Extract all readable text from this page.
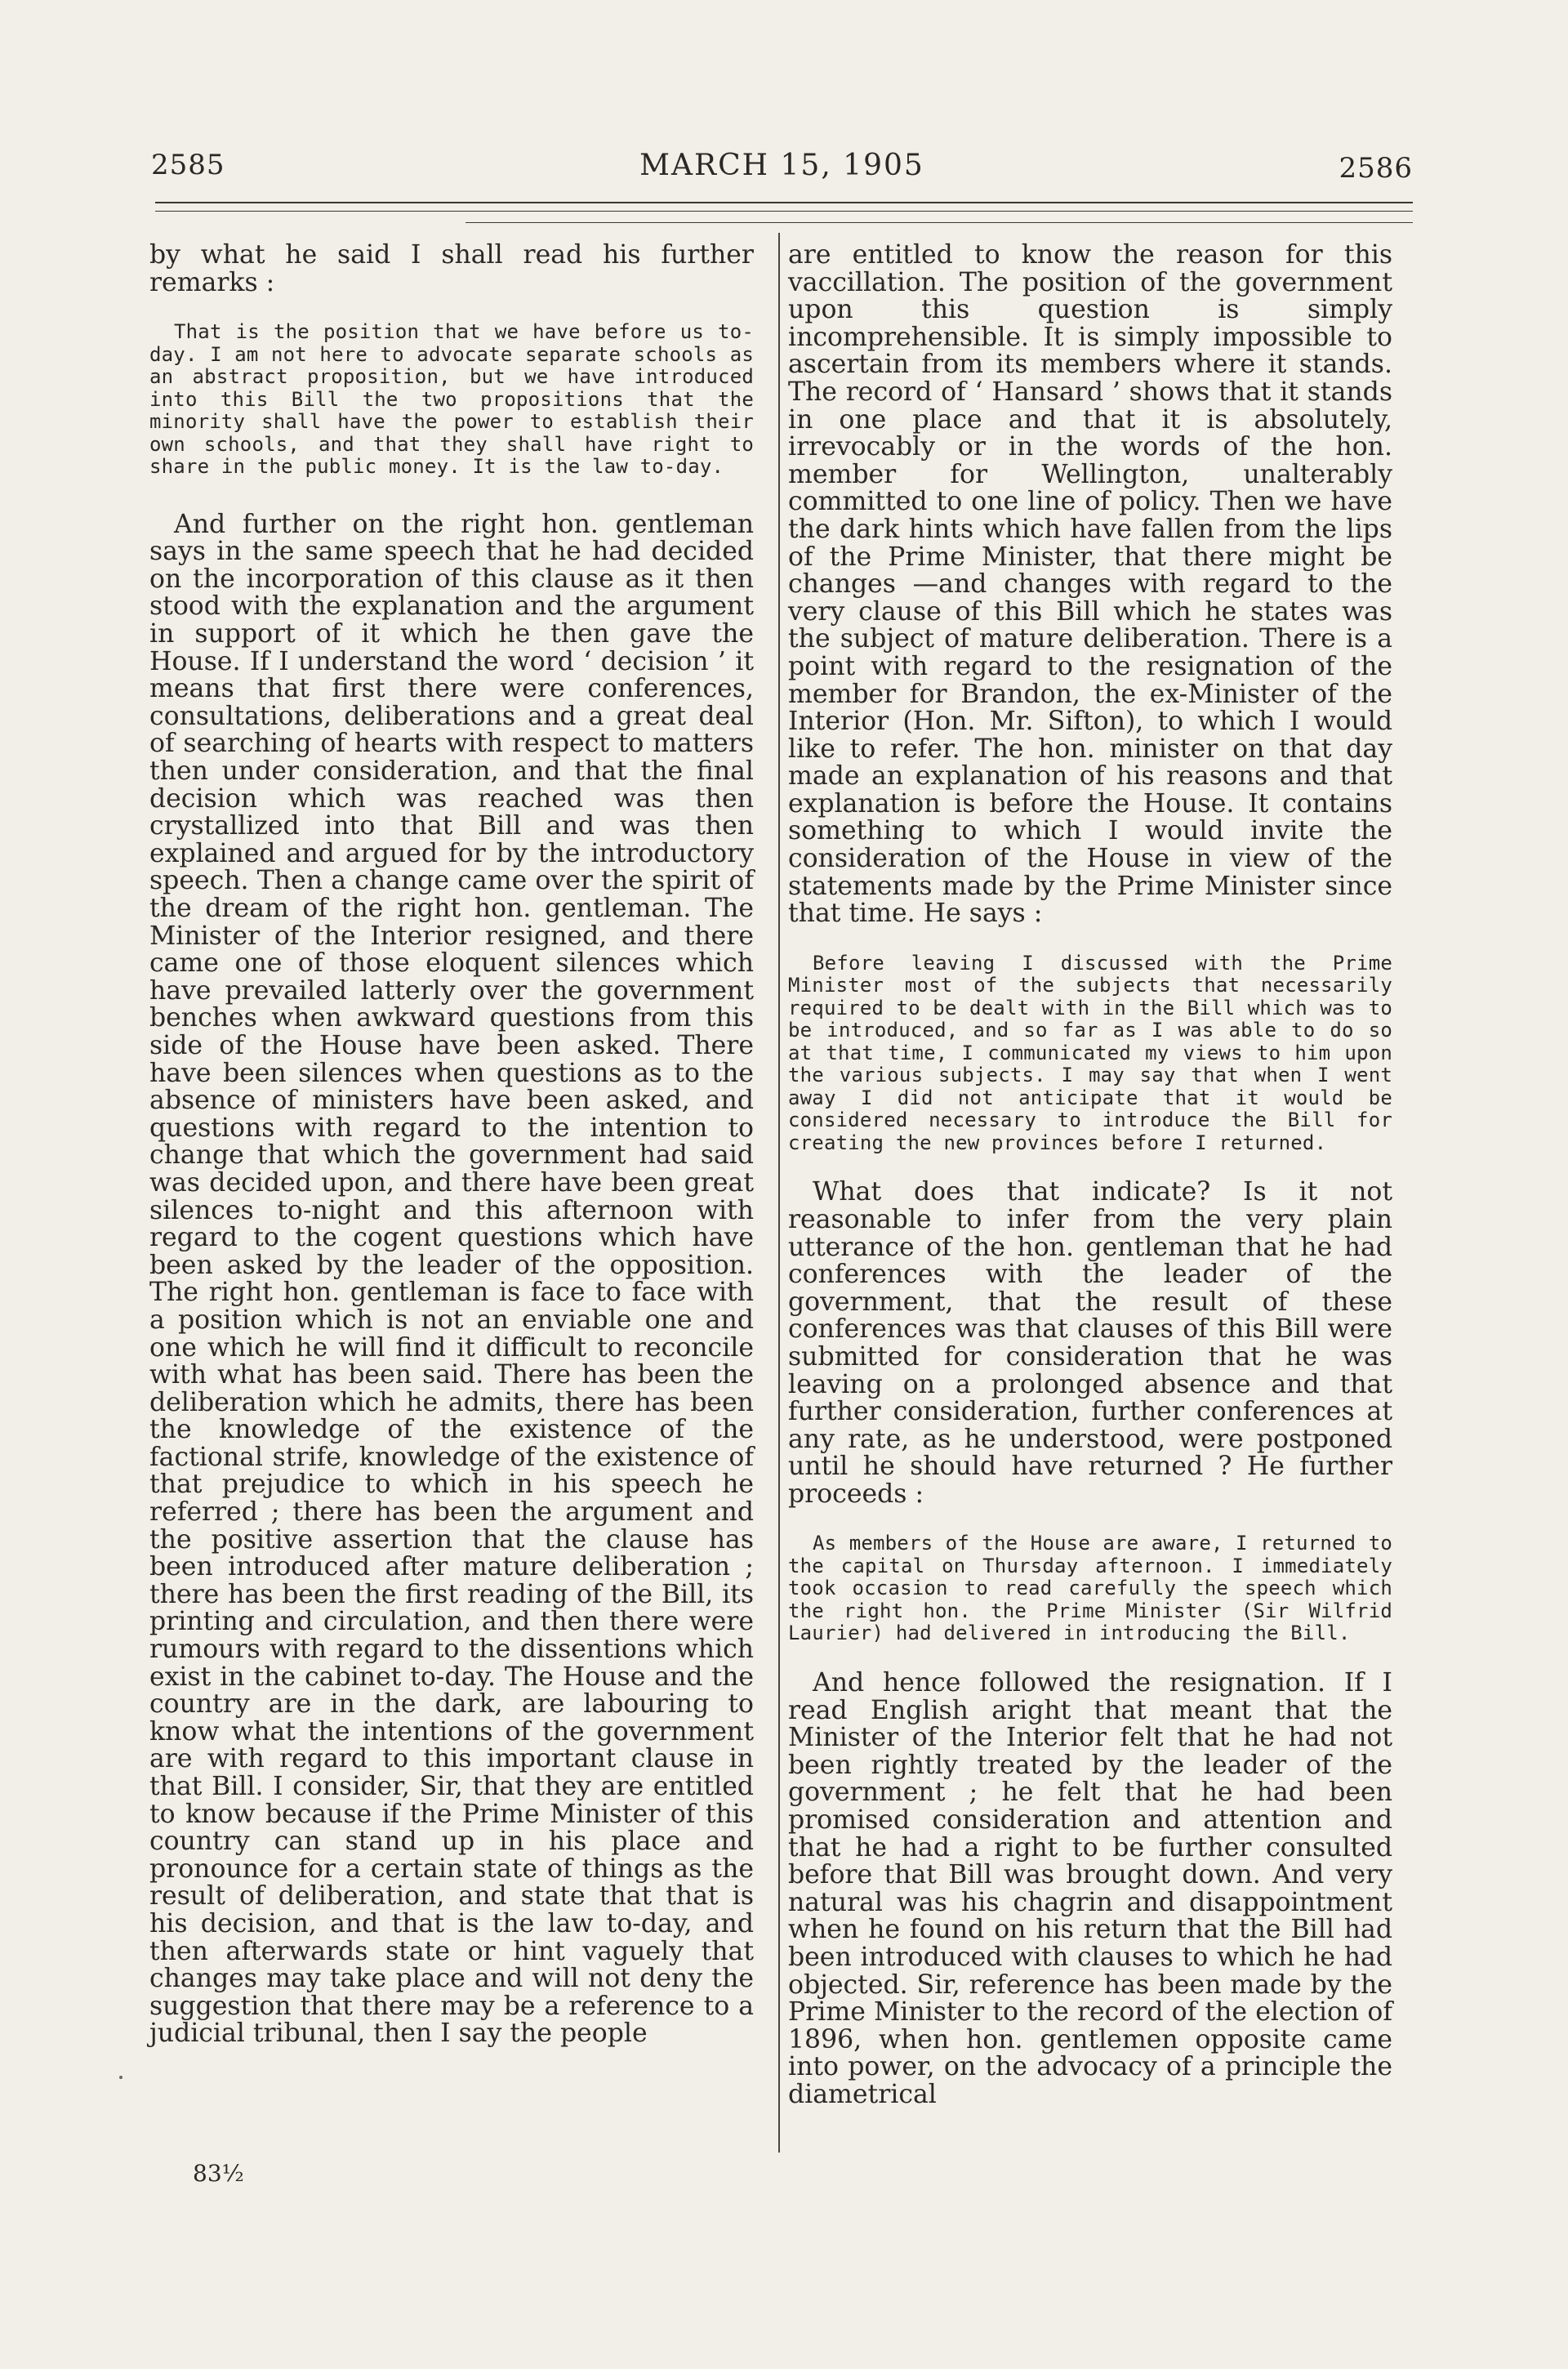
2585	MARCH 15, 1905	2586

by what he said I shall read his further remarks :

That is the position that we have before us to-day. I am not here to advocate separate schools as an abstract proposition, but we have introduced into this Bill the two propositions that the minority shall have the power to establish their own schools, and that they shall have right to share in the public money. It is the law to-day.

And further on the right hon. gentleman says in the same speech that he had decided on the incorporation of this clause as it then stood with the explanation and the argument in support of it which he then gave the House. If I understand the word ‘ decision ’ it means that first there were conferences, consultations, deliberations and a great deal of searching of hearts with respect to matters then under consideration, and that the final decision which was reached was then crystallized into that Bill and was then explained and argued for by the introductory speech. Then a change came over the spirit of the dream of the right hon. gentleman. The Minister of the Interior resigned, and there came one of those eloquent silences which have prevailed latterly over the government benches when awkward questions from this side of the House have been asked. There have been silences when questions as to the absence of ministers have been asked, and questions with regard to the intention to change that which the government had said was decided upon, and there have been great silences to-night and this afternoon with regard to the cogent questions which have been asked by the leader of the opposition. The right hon. gentleman is face to face with a position which is not an enviable one and one which he will find it difficult to reconcile with what has been said. There has been the deliberation which he admits, there has been the knowledge of the existence of the factional strife, knowledge of the existence of that prejudice to which in his speech he referred ; there has been the argument and the positive assertion that the clause has been introduced after mature deliberation ; there has been the first reading of the Bill, its printing and circulation, and then there were rumours with regard to the dissentions which exist in the cabinet to-day. The House and the country are in the dark, are labouring to know what the intentions of the government are with regard to this important clause in that Bill. I consider, Sir, that they are entitled to know because if the Prime Minister of this country can stand up in his place and pronounce for a certain state of things as the result of deliberation, and state that that is his decision, and that is the law to-day, and then afterwards state or hint vaguely that changes may take place and will not deny the suggestion that there may be a reference to a judicial tribunal, then I say the people

are entitled to know the reason for this vaccillation. The position of the government upon this question is simply incomprehensible. It is simply impossible to ascertain from its members where it stands. The record of ‘ Hansard ’ shows that it stands in one place and that it is absolutely, irrevocably or in the words of the hon. member for Wellington, unalterably committed to one line of policy. Then we have the dark hints which have fallen from the lips of the Prime Minister, that there might be changes —and changes with regard to the very clause of this Bill which he states was the subject of mature deliberation. There is a point with regard to the resignation of the member for Brandon, the ex-Minister of the Interior (Hon. Mr. Sifton), to which I would like to refer. The hon. minister on that day made an explanation of his reasons and that explanation is before the House. It contains something to which I would invite the consideration of the House in view of the statements made by the Prime Minister since that time. He says :

Before leaving I discussed with the Prime Minister most of the subjects that necessarily required to be dealt with in the Bill which was to be introduced, and so far as I was able to do so at that time, I communicated my views to him upon the various subjects. I may say that when I went away I did not anticipate that it would be considered necessary to introduce the Bill for creating the new provinces before I returned.

What does that indicate? Is it not reasonable to infer from the very plain utterance of the hon. gentleman that he had conferences with the leader of the government, that the result of these conferences was that clauses of this Bill were submitted for consideration that he was leaving on a prolonged absence and that further consideration, further conferences at any rate, as he understood, were postponed until he should have returned ? He further proceeds :

As members of the House are aware, I returned to the capital on Thursday afternoon. I immediately took occasion to read carefully the speech which the right hon. the Prime Minister (Sir Wilfrid Laurier) had delivered in introducing the Bill.

And hence followed the resignation. If I read English aright that meant that the Minister of the Interior felt that he had not been rightly treated by the leader of the government ; he felt that he had been promised consideration and attention and that he had a right to be further consulted before that Bill was brought down. And very natural was his chagrin and disappointment when he found on his return that the Bill had been introduced with clauses to which he had objected. Sir, reference has been made by the Prime Minister to the record of the election of 1896, when hon. gentlemen opposite came into power, on the advocacy of a principle the diametrical

83½
